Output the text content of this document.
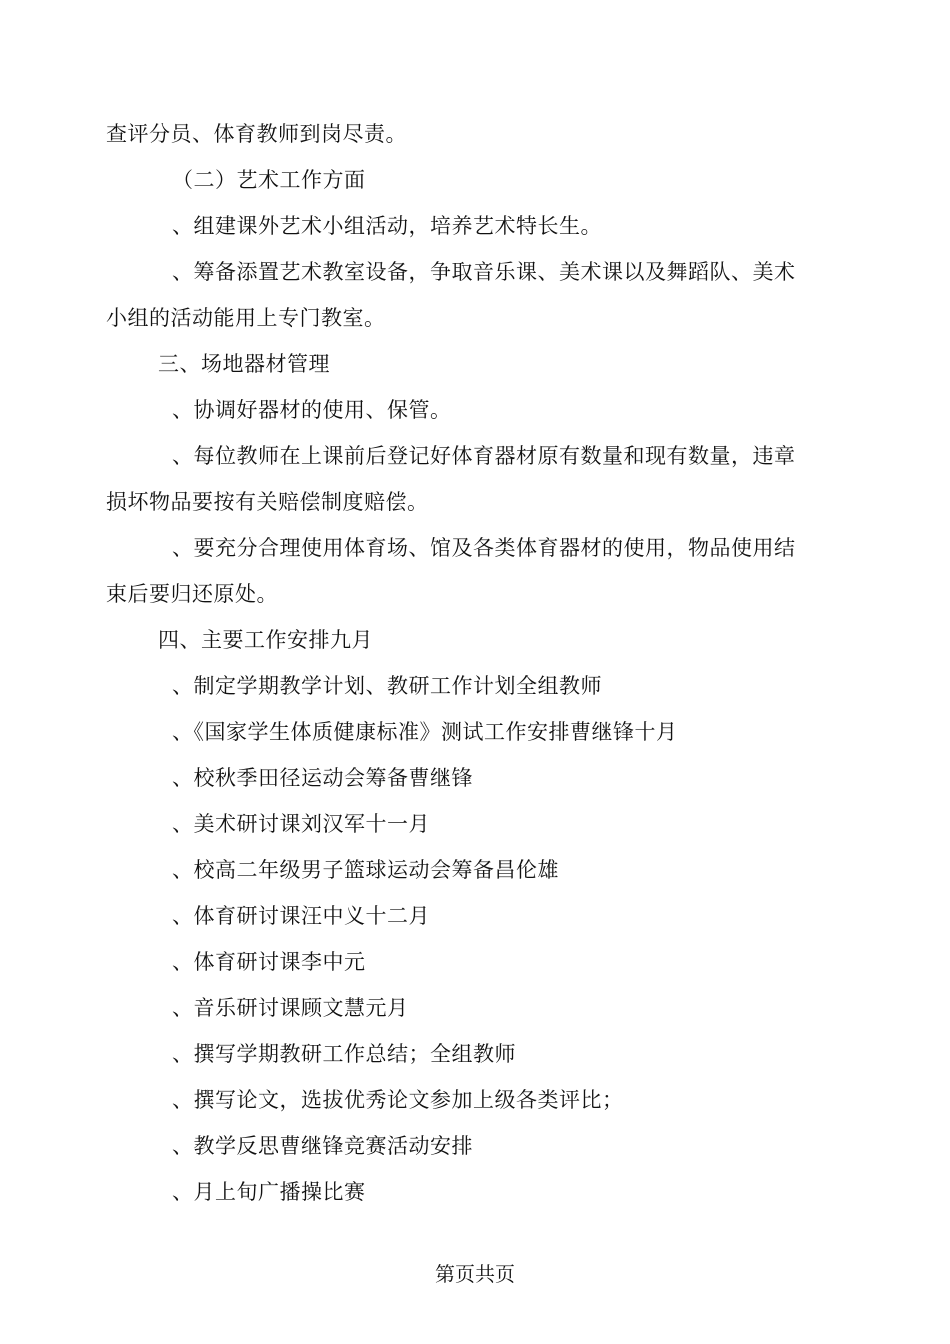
查评分员、体育教师到岗尽责。
（二）艺术工作方面
、组建课外艺术小组活动，培养艺术特长生。
、筹备添置艺术教室设备，争取音乐课、美术课以及舞蹈队、美术
小组的活动能用上专门教室。
三、场地器材管理
、协调好器材的使用、保管。
、每位教师在上课前后登记好体育器材原有数量和现有数量，违章
损坏物品要按有关赔偿制度赔偿。
、要充分合理使用体育场、馆及各类体育器材的使用，物品使用结
束后要归还原处。
四、主要工作安排九月
、制定学期教学计划、教研工作计划全组教师
、《国家学生体质健康标准》测试工作安排曹继锋十月
、校秋季田径运动会筹备曹继锋
、美术研讨课刘汉军十一月
、校高二年级男子篮球运动会筹备昌伦雄
、体育研讨课汪中义十二月
、体育研讨课李中元
、音乐研讨课顾文慧元月
、撰写学期教研工作总结；全组教师
、撰写论文，选拔优秀论文参加上级各类评比；
、教学反思曹继锋竞赛活动安排
、月上旬广播操比赛
第页共页
